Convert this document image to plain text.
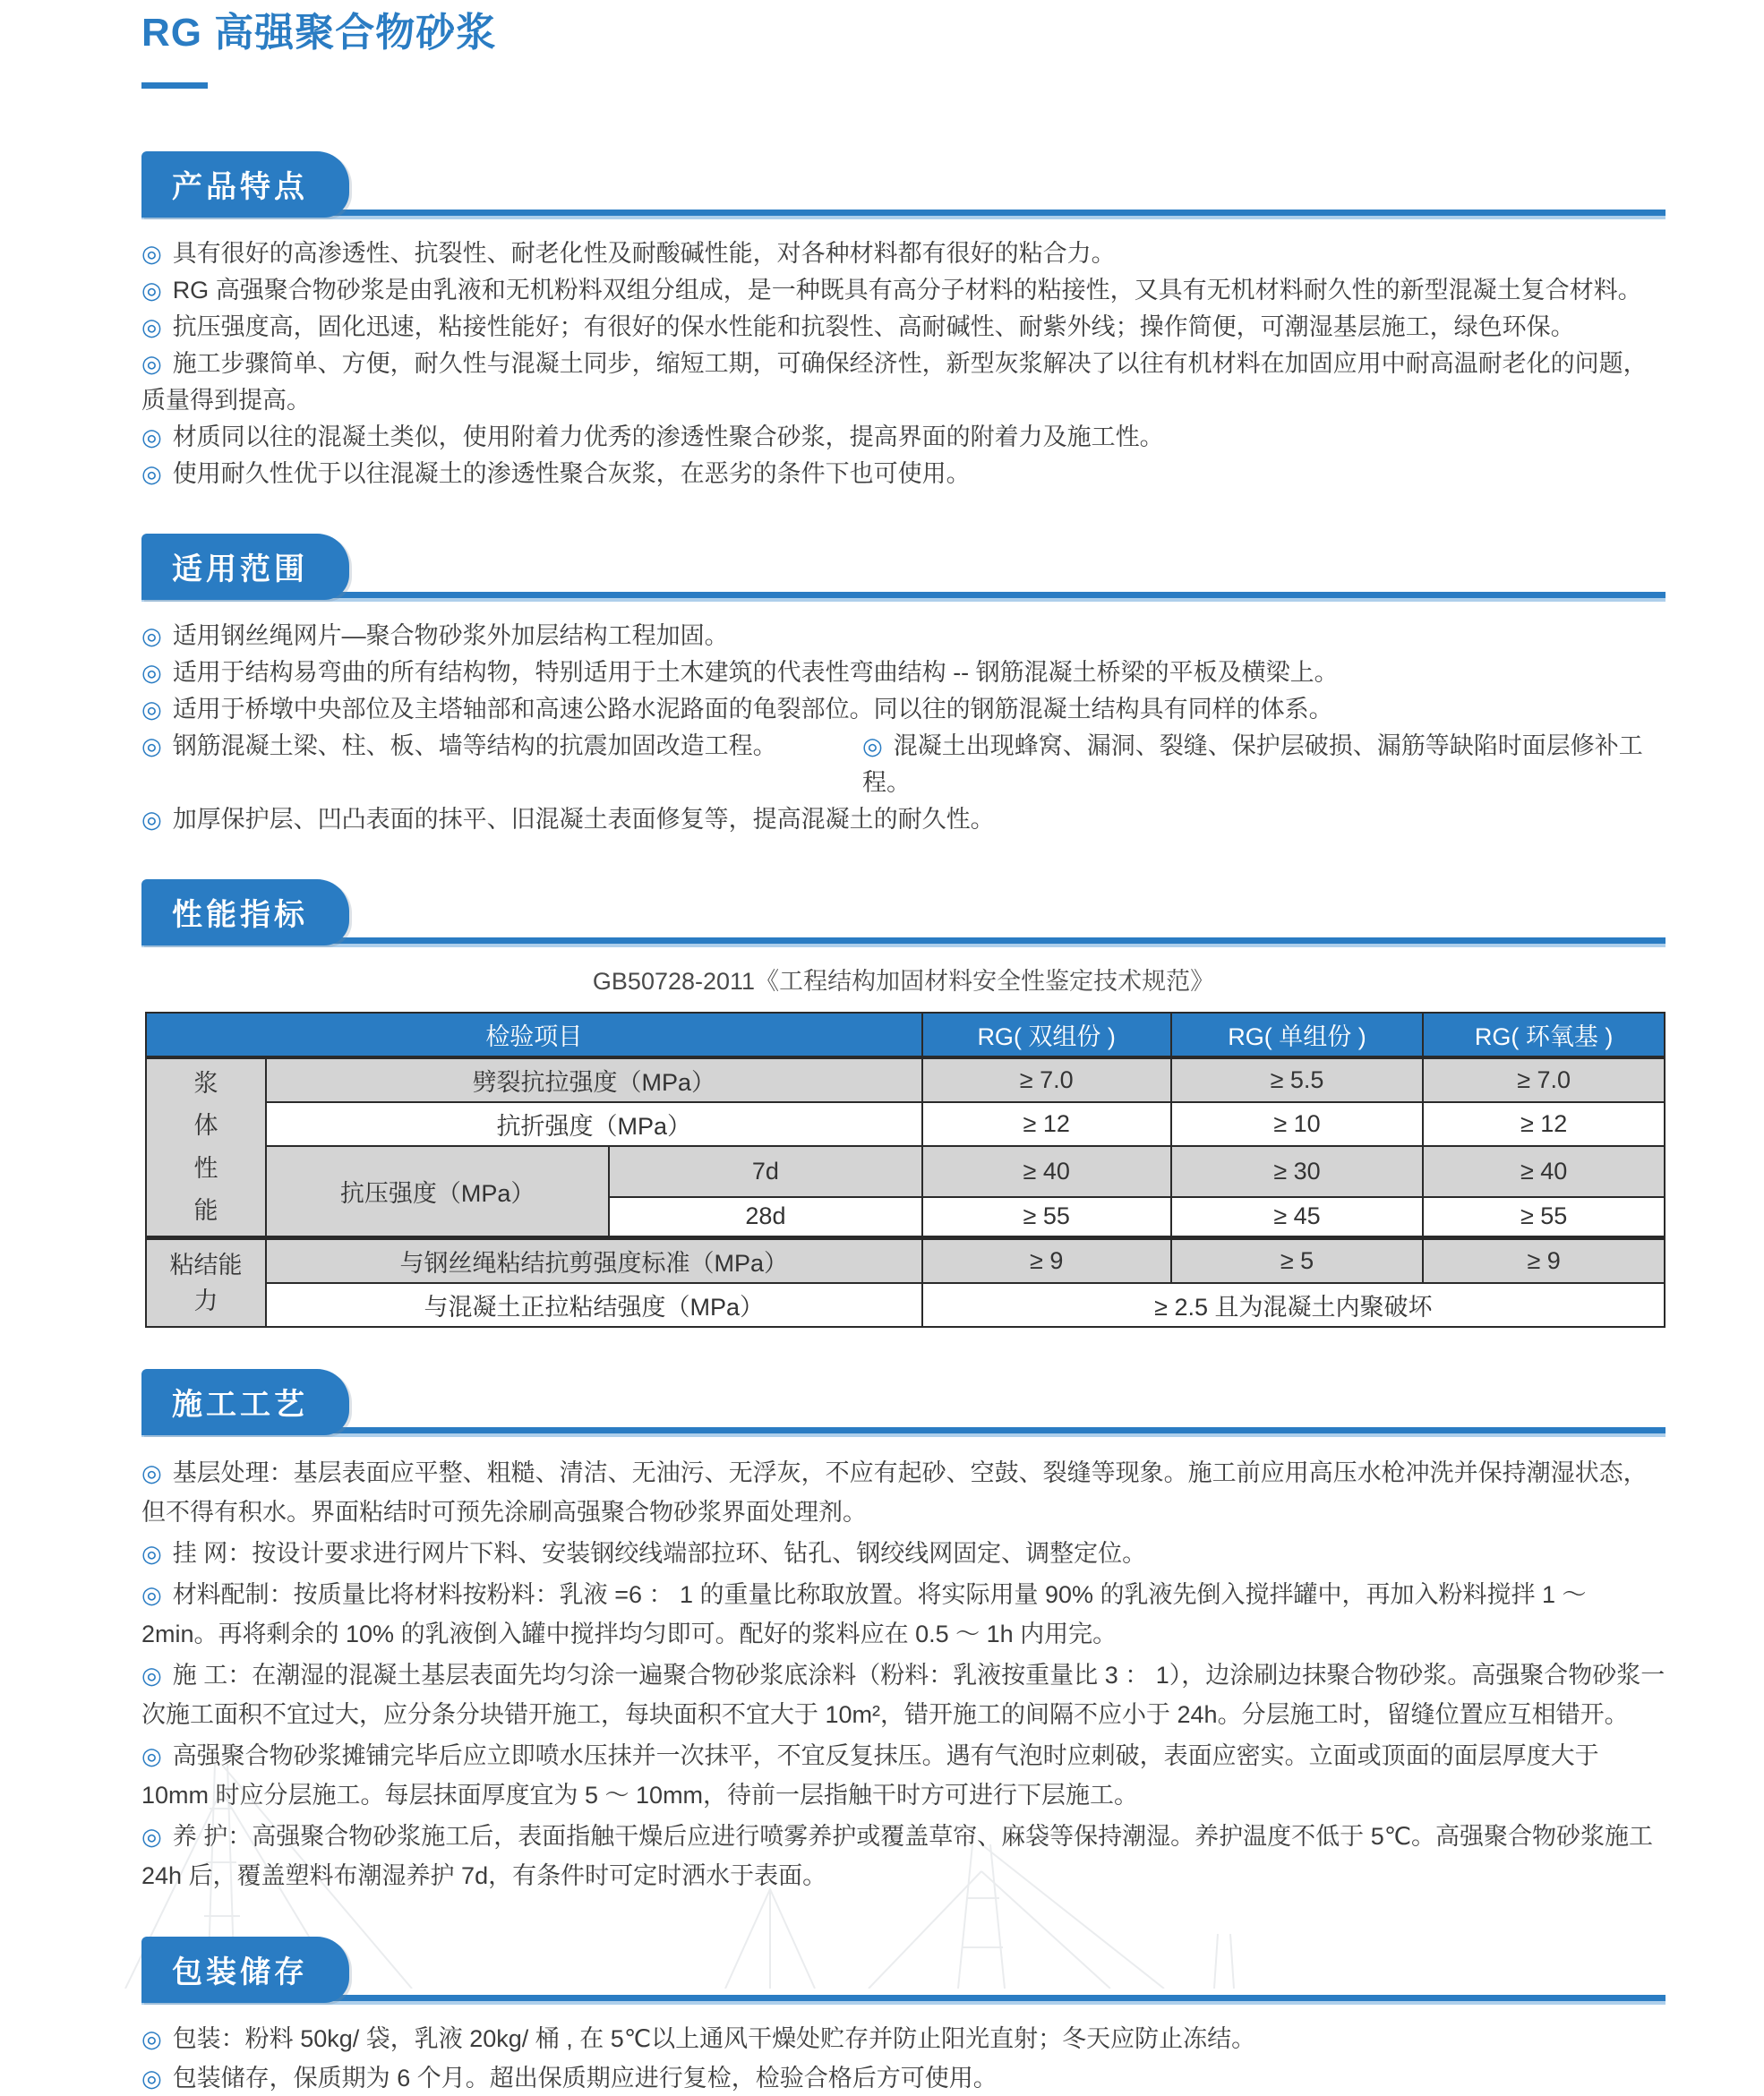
RG 高强聚合物砂浆
产品特点
◎ 具有很好的高渗透性、抗裂性、耐老化性及耐酸碱性能，对各种材料都有很好的粘合力。
◎ RG 高强聚合物砂浆是由乳液和无机粉料双组分组成，是一种既具有高分子材料的粘接性，又具有无机材料耐久性的新型混凝土复合材料。
◎ 抗压强度高，固化迅速，粘接性能好；有很好的保水性能和抗裂性、高耐碱性、耐紫外线；操作简便，可潮湿基层施工，绿色环保。
◎ 施工步骤简单、方便，耐久性与混凝土同步，缩短工期，可确保经济性，新型灰浆解决了以往有机材料在加固应用中耐高温耐老化的问题，质量得到提高。
◎ 材质同以往的混凝土类似，使用附着力优秀的渗透性聚合砂浆，提高界面的附着力及施工性。
◎ 使用耐久性优于以往混凝土的渗透性聚合灰浆，在恶劣的条件下也可使用。
适用范围
◎ 适用钢丝绳网片—聚合物砂浆外加层结构工程加固。
◎ 适用于结构易弯曲的所有结构物，特别适用于土木建筑的代表性弯曲结构 -- 钢筋混凝土桥梁的平板及横梁上。
◎ 适用于桥墩中央部位及主塔轴部和高速公路水泥路面的龟裂部位。同以往的钢筋混凝土结构具有同样的体系。
◎ 钢筋混凝土梁、柱、板、墙等结构的抗震加固改造工程。	◎ 混凝土出现蜂窝、漏洞、裂缝、保护层破损、漏筋等缺陷时面层修补工程。
◎ 加厚保护层、凹凸表面的抹平、旧混凝土表面修复等，提高混凝土的耐久性。
性能指标
GB50728-2011《工程结构加固材料安全性鉴定技术规范》
检验项目			RG( 双组份 )	RG( 单组份 )	RG( 环氧基 )

浆体性能	劈裂抗拉强度（MPa）		≥ 7.0	≥ 5.5	≥ 7.0
	抗折强度（MPa）		≥ 12	≥ 10	≥ 12
	抗压强度（MPa）	7d	≥ 40	≥ 30	≥ 40
		28d	≥ 55	≥ 45	≥ 55

粘结能力	与钢丝绳粘结抗剪强度标准（MPa）		≥ 9	≥ 5	≥ 9
	与混凝土正拉粘结强度（MPa）		≥ 2.5 且为混凝土内聚破坏		
施工工艺
◎ 基层处理：基层表面应平整、粗糙、清洁、无油污、无浮灰，不应有起砂、空鼓、裂缝等现象。施工前应用高压水枪冲洗并保持潮湿状态，但不得有积水。界面粘结时可预先涂刷高强聚合物砂浆界面处理剂。
◎ 挂 网：按设计要求进行网片下料、安装钢绞线端部拉环、钻孔、钢绞线网固定、调整定位。
◎ 材料配制：按质量比将材料按粉料：乳液 =6 ： 1 的重量比称取放置。将实际用量 90% 的乳液先倒入搅拌罐中，再加入粉料搅拌 1 ～ 2min。再将剩余的 10% 的乳液倒入罐中搅拌均匀即可。配好的浆料应在 0.5 ～ 1h 内用完。
◎ 施 工：在潮湿的混凝土基层表面先均匀涂一遍聚合物砂浆底涂料（粉料：乳液按重量比 3 ： 1），边涂刷边抹聚合物砂浆。高强聚合物砂浆一次施工面积不宜过大，应分条分块错开施工，每块面积不宜大于 10m²，错开施工的间隔不应小于 24h。分层施工时，留缝位置应互相错开。
◎ 高强聚合物砂浆摊铺完毕后应立即喷水压抹并一次抹平，不宜反复抹压。遇有气泡时应刺破，表面应密实。立面或顶面的面层厚度大于 10mm 时应分层施工。每层抹面厚度宜为 5 ～ 10mm，待前一层指触干时方可进行下层施工。
◎ 养 护：高强聚合物砂浆施工后，表面指触干燥后应进行喷雾养护或覆盖草帘、麻袋等保持潮湿。养护温度不低于 5℃。高强聚合物砂浆施工 24h 后，覆盖塑料布潮湿养护 7d，有条件时可定时洒水于表面。
包装储存
◎ 包装：粉料 50kg/ 袋，乳液 20kg/ 桶 , 在 5℃以上通风干燥处贮存并防止阳光直射；冬天应防止冻结。
◎ 包装储存，保质期为 6 个月。超出保质期应进行复检，检验合格后方可使用。
